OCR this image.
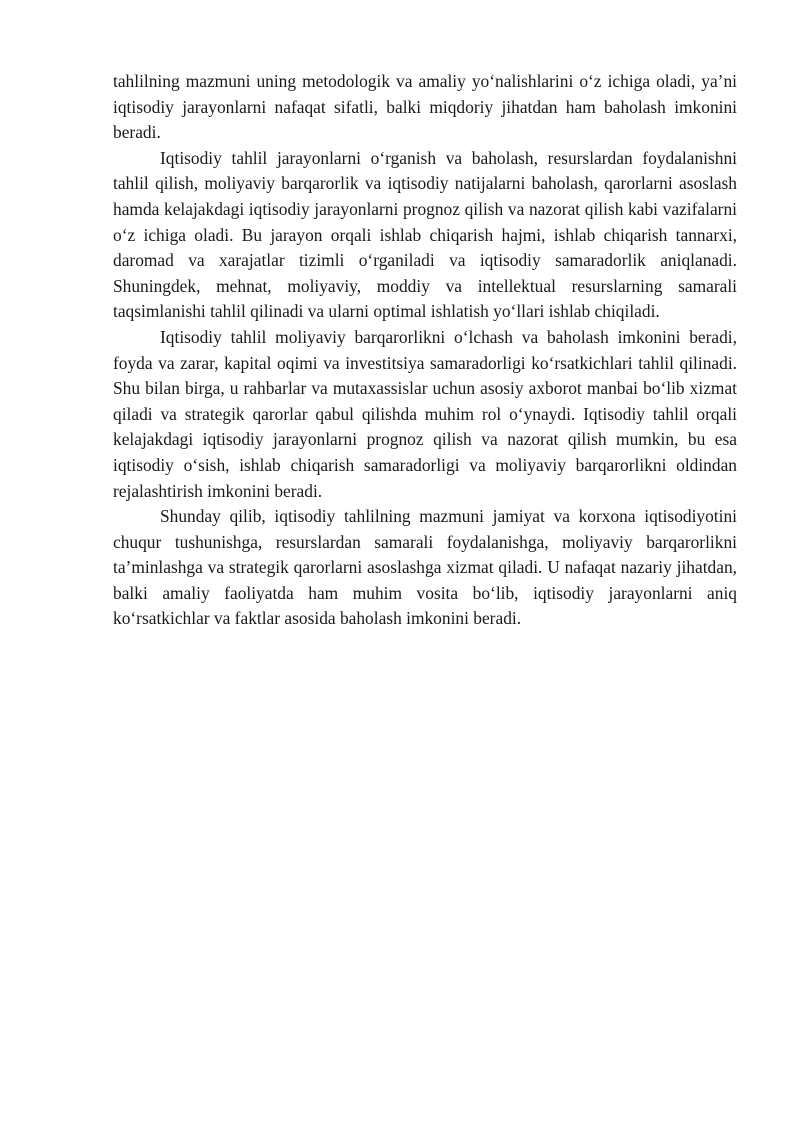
tahlilning mazmuni uning metodologik va amaliy yo‘nalishlarini o‘z ichiga oladi, ya’ni iqtisodiy jarayonlarni nafaqat sifatli, balki miqdoriy jihatdan ham baholash imkonini beradi.

Iqtisodiy tahlil jarayonlarni o‘rganish va baholash, resurslardan foydalanishni tahlil qilish, moliyaviy barqarorlik va iqtisodiy natijalarni baholash, qarorlarni asoslash hamda kelajakdagi iqtisodiy jarayonlarni prognoz qilish va nazorat qilish kabi vazifalarni o‘z ichiga oladi. Bu jarayon orqali ishlab chiqarish hajmi, ishlab chiqarish tannarxi, daromad va xarajatlar tizimli o‘rganiladi va iqtisodiy samaradorlik aniqlanadi. Shuningdek, mehnat, moliyaviy, moddiy va intellektual resurslarning samarali taqsimlanishi tahlil qilinadi va ularni optimal ishlatish yo‘llari ishlab chiqiladi.

Iqtisodiy tahlil moliyaviy barqarorlikni o‘lchash va baholash imkonini beradi, foyda va zarar, kapital oqimi va investitsiya samaradorligi ko‘rsatkichlari tahlil qilinadi. Shu bilan birga, u rahbarlar va mutaxassislar uchun asosiy axborot manbai bo‘lib xizmat qiladi va strategik qarorlar qabul qilishda muhim rol o‘ynaydi. Iqtisodiy tahlil orqali kelajakdagi iqtisodiy jarayonlarni prognoz qilish va nazorat qilish mumkin, bu esa iqtisodiy o‘sish, ishlab chiqarish samaradorligi va moliyaviy barqarorlikni oldindan rejalashtirish imkonini beradi.

Shunday qilib, iqtisodiy tahlilning mazmuni jamiyat va korxona iqtisodiyotini chuqur tushunishga, resurslardan samarali foydalanishga, moliyaviy barqarorlikni ta’minlashga va strategik qarorlarni asoslashga xizmat qiladi. U nafaqat nazariy jihatdan, balki amaliy faoliyatda ham muhim vosita bo‘lib, iqtisodiy jarayonlarni aniq ko‘rsatkichlar va faktlar asosida baholash imkonini beradi.
